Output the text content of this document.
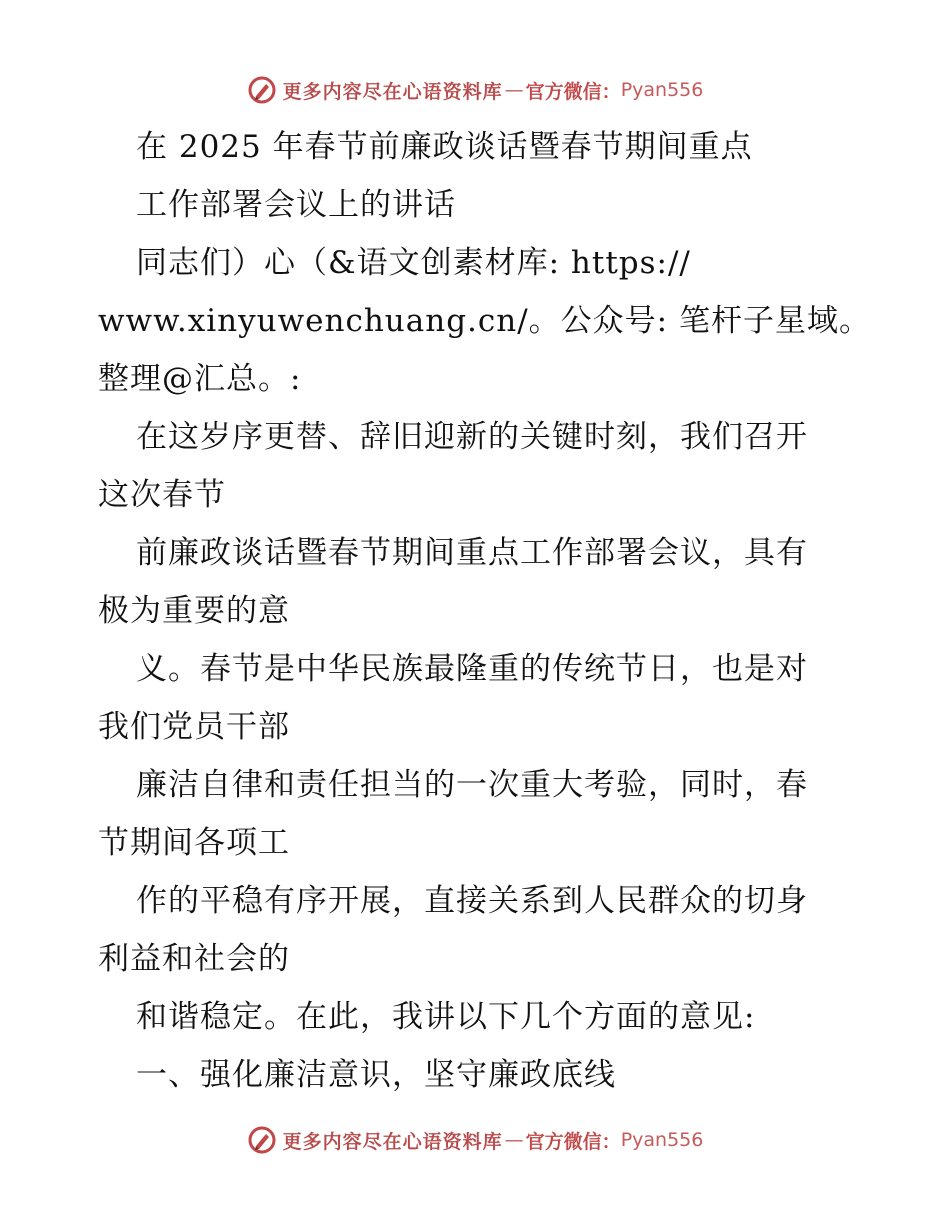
更多内容尽在心语资料库 — 官方微信： Pyan556
在 2025 年春节前廉政谈话暨春节期间重点
工作部署会议上的讲话
同志们）心（&语文创素材库: https://
www.xinyuwenchuang.cn/。公众号: 笔杆子星域。
整理@汇总。:
在这岁序更替、辞旧迎新的关键时刻，我们召开
这次春节
前廉政谈话暨春节期间重点工作部署会议，具有
极为重要的意
义。春节是中华民族最隆重的传统节日，也是对
我们党员干部
廉洁自律和责任担当的一次重大考验，同时，春
节期间各项工
作的平稳有序开展，直接关系到人民群众的切身
利益和社会的
和谐稳定。在此，我讲以下几个方面的意见:
一、强化廉洁意识，坚守廉政底线
更多内容尽在心语资料库 — 官方微信： Pyan556
